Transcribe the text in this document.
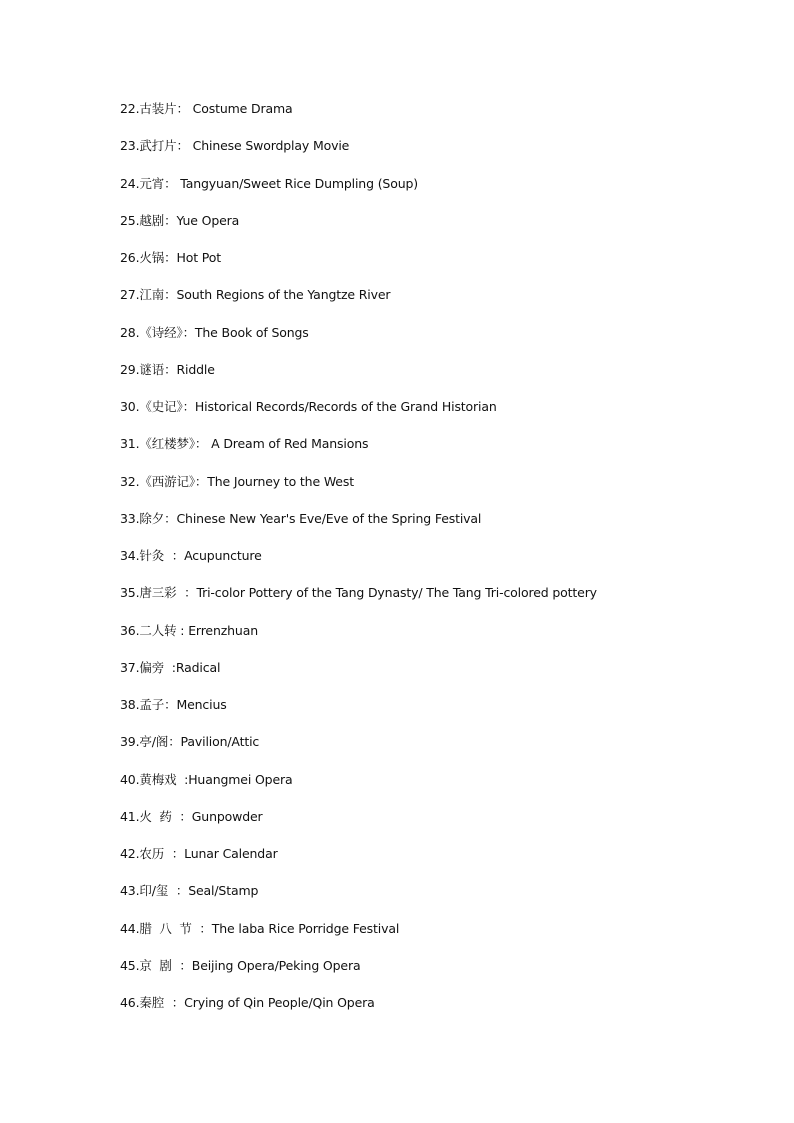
22.古装片： Costume Drama
23.武打片： Chinese Swordplay Movie
24.元宵： Tangyuan/Sweet Rice Dumpling (Soup)
25.越剧：Yue Opera
26.火锅：Hot Pot
27.江南：South Regions of the Yangtze River
28.《诗经》：The Book of Songs
29.谜语：Riddle
30.《史记》：Historical Records/Records of the Grand Historian
31.《红楼梦》： A Dream of Red Mansions
32.《西游记》：The Journey to the West
33.除夕：Chinese New Year's Eve/Eve of the Spring Festival
34.针灸  ：Acupuncture
35.唐三彩  ：Tri-color Pottery of the Tang Dynasty/ The Tang Tri-colored pottery
36.二人转 : Errenzhuan
37.偏旁  :Radical
38.孟子：Mencius
39.亭/阁：Pavilion/Attic
40.黄梅戏  :Huangmei Opera
41.火  药  ：Gunpowder
42.农历  ：Lunar Calendar
43.印/玺  ：Seal/Stamp
44.腊  八  节  ：The laba Rice Porridge Festival
45.京  剧  ：Beijing Opera/Peking Opera
46.秦腔  ：Crying of Qin People/Qin Opera
